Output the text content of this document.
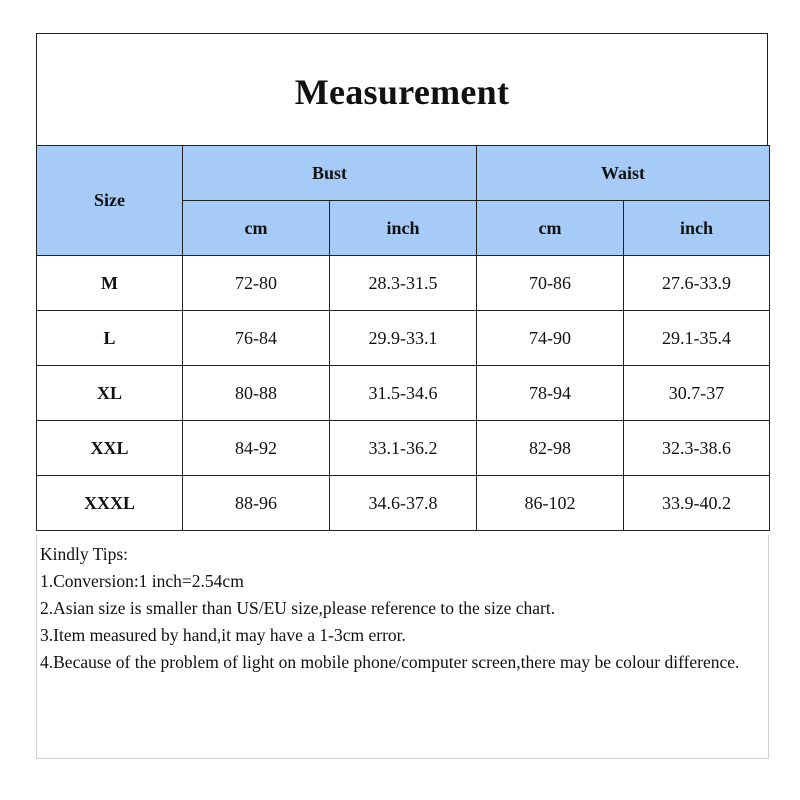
Measurement
Size	Bust		Waist	
	cm	inch	cm	inch
M	72-80	28.3-31.5	70-86	27.6-33.9
L	76-84	29.9-33.1	74-90	29.1-35.4
XL	80-88	31.5-34.6	78-94	30.7-37
XXL	84-92	33.1-36.2	82-98	32.3-38.6
XXXL	88-96	34.6-37.8	86-102	33.9-40.2
Kindly Tips:
1.Conversion:1 inch=2.54cm
2.Asian size is smaller than US/EU size,please reference to the size chart.
3.Item measured by hand,it may have a 1-3cm error.
4.Because of the problem of light on mobile phone/computer screen,there may be colour difference.
